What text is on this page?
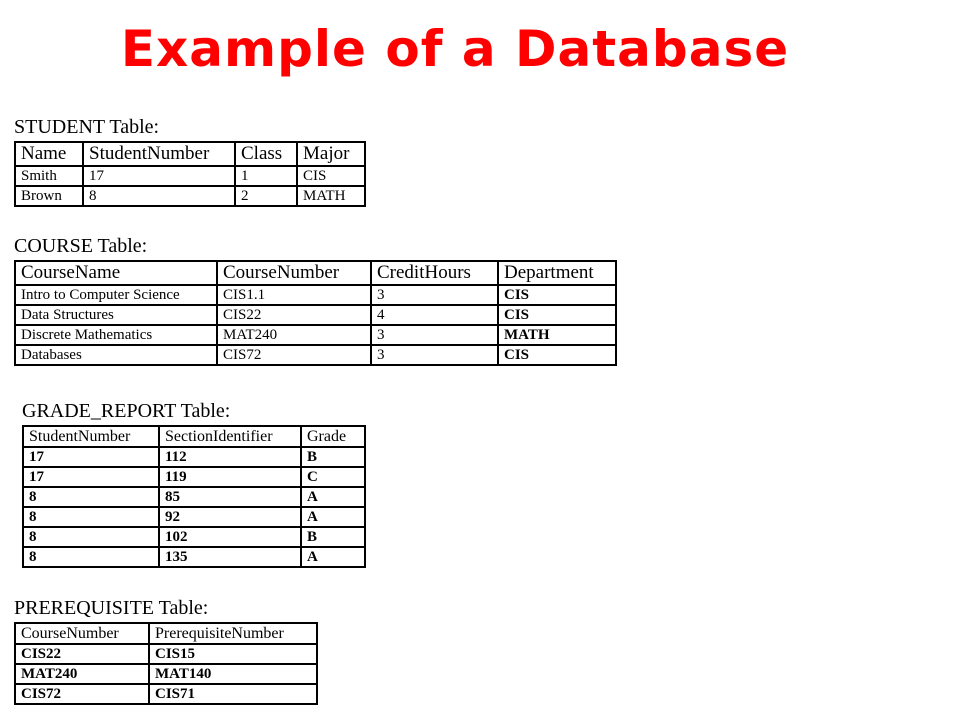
Example of a Database
STUDENT Table:
Name	StudentNumber	Class	Major
Smith	17	1	CIS
Brown	8	2	MATH
COURSE Table:
CourseName	CourseNumber	CreditHours	Department
Intro to Computer Science	CIS1.1	3	CIS
Data Structures	CIS22	4	CIS
Discrete Mathematics	MAT240	3	MATH
Databases	CIS72	3	CIS
GRADE_REPORT Table:
StudentNumber	SectionIdentifier	Grade
17	112	B
17	119	C
8	85	A
8	92	A
8	102	B
8	135	A
PREREQUISITE Table:
CourseNumber	PrerequisiteNumber
CIS22	CIS15
MAT240	MAT140
CIS72	CIS71
